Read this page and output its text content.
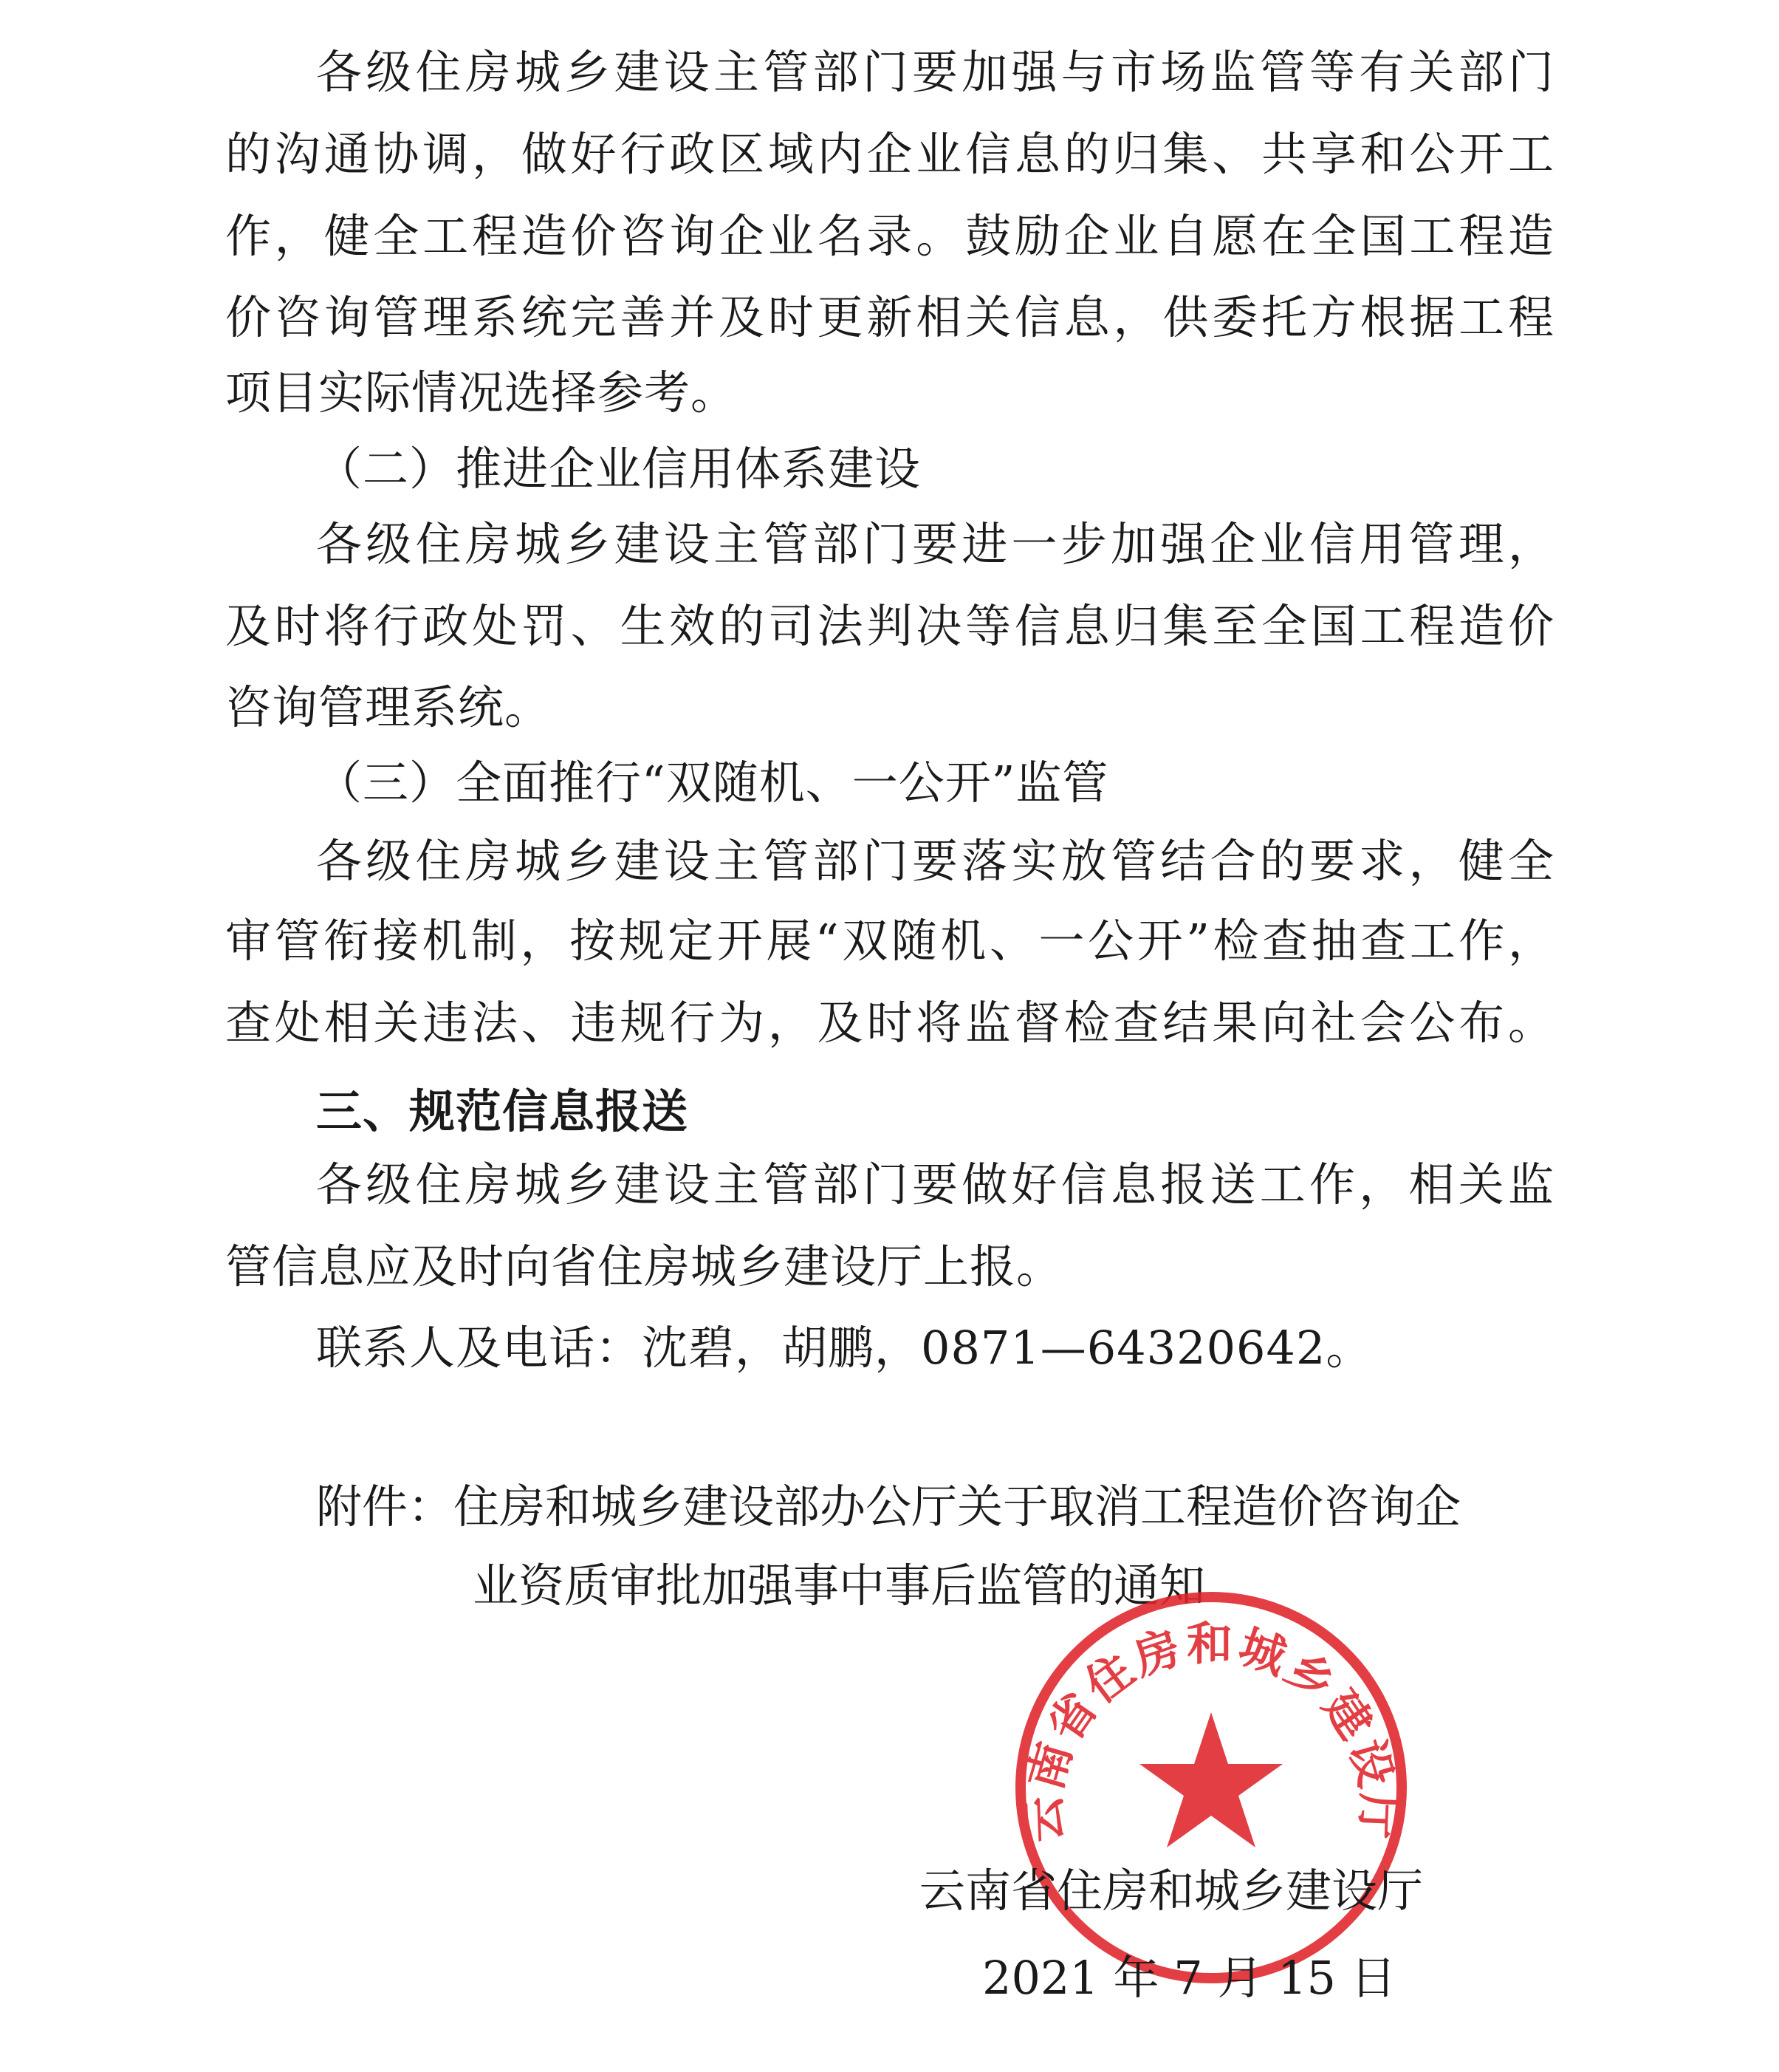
各级住房城乡建设主管部门要加强与市场监管等有关部门

的沟通协调，做好行政区域内企业信息的归集、共享和公开工

作，健全工程造价咨询企业名录。鼓励企业自愿在全国工程造

价咨询管理系统完善并及时更新相关信息，供委托方根据工程

项目实际情况选择参考。

（二）推进企业信用体系建设

各级住房城乡建设主管部门要进一步加强企业信用管理，

及时将行政处罚、生效的司法判决等信息归集至全国工程造价

咨询管理系统。

（三）全面推行“双随机、一公开”监管

各级住房城乡建设主管部门要落实放管结合的要求，健全

审管衔接机制，按规定开展“双随机、一公开”检查抽查工作，

查处相关违法、违规行为，及时将监督检查结果向社会公布。

三、规范信息报送

各级住房城乡建设主管部门要做好信息报送工作，相关监

管信息应及时向省住房城乡建设厅上报。

联系人及电话：沈碧，胡鹏，0871—64320642。

附件：住房和城乡建设部办公厅关于取消工程造价咨询企

业资质审批加强事中事后监管的通知

云南省住房和城乡建设厅

云南省住房和城乡建设厅

2021 年 7 月 15 日
